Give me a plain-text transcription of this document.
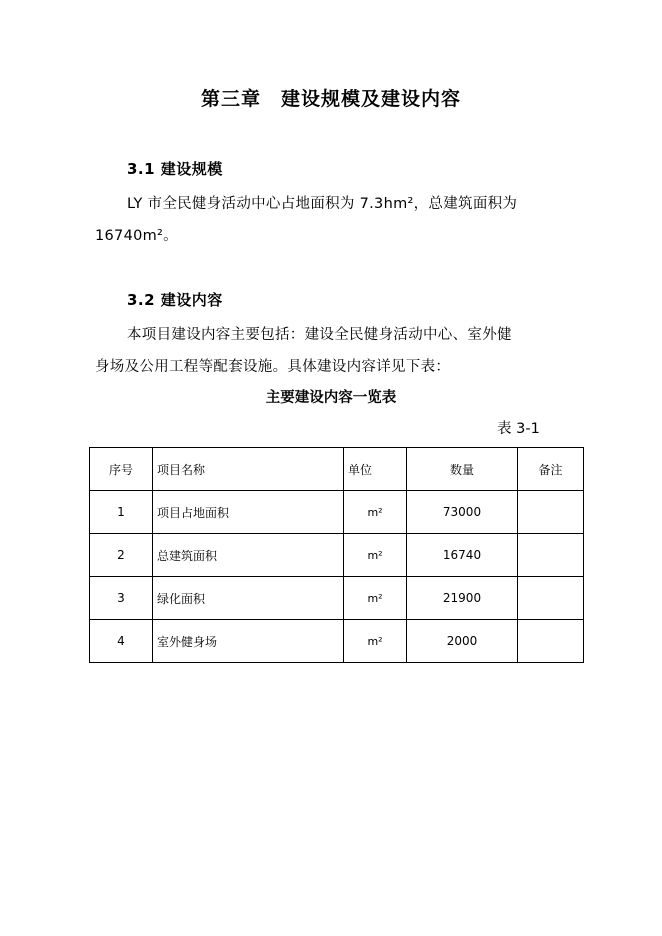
第三章　建设规模及建设内容
3.1 建设规模
LY 市全民健身活动中心占地面积为 7.3hm²，总建筑面积为
16740m²。
3.2 建设内容
本项目建设内容主要包括：建设全民健身活动中心、室外健
身场及公用工程等配套设施。具体建设内容详见下表：
主要建设内容一览表
表 3-1
序号	项目名称	单位	数量	备注
1	项目占地面积	m²	73000	
2	总建筑面积	m²	16740	
3	绿化面积	m²	21900	
4	室外健身场	m²	2000	
